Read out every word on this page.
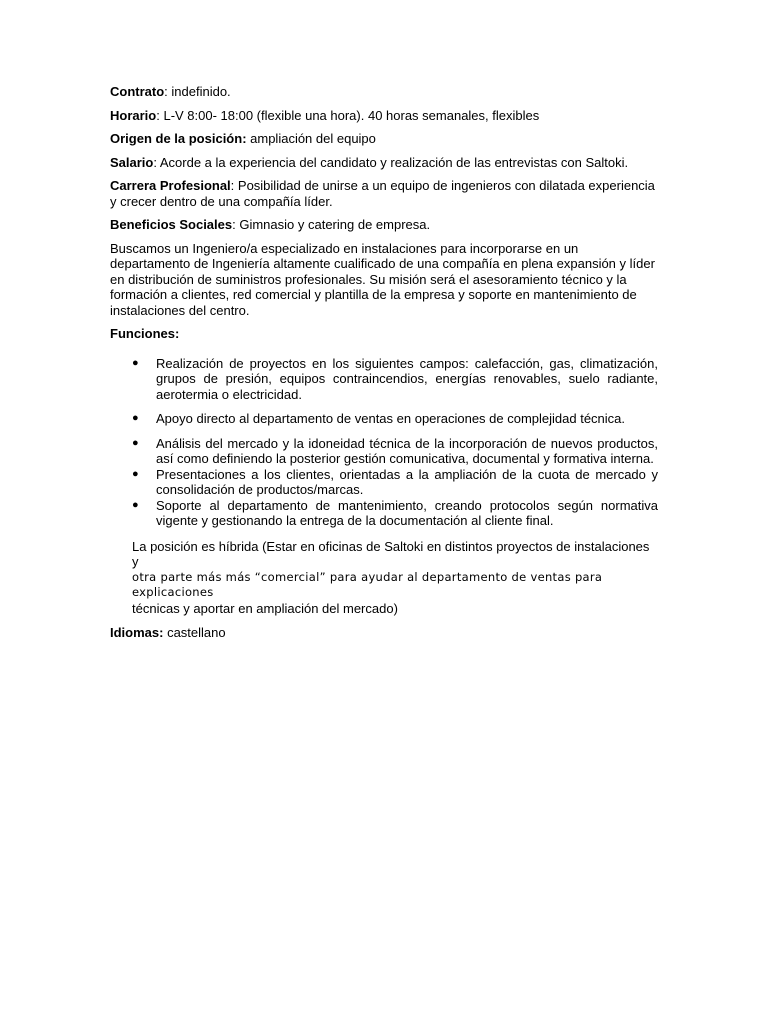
Contrato: indefinido.

Horario: L-V 8:00- 18:00 (flexible una hora). 40 horas semanales, flexibles

Origen de la posición: ampliación del equipo

Salario: Acorde a la experiencia del candidato y realización de las entrevistas con Saltoki.

Carrera Profesional: Posibilidad de unirse a un equipo de ingenieros con dilatada experiencia y crecer dentro de una compañía líder.

Beneficios Sociales: Gimnasio y catering de empresa.

Buscamos un Ingeniero/a especializado en instalaciones para incorporarse en un departamento de Ingeniería altamente cualificado de una compañía en plena expansión y líder en distribución de suministros profesionales. Su misión será el asesoramiento técnico y la formación a clientes, red comercial y plantilla de la empresa y soporte en mantenimiento de instalaciones del centro.

Funciones:

● Realización de proyectos en los siguientes campos: calefacción, gas, climatización, grupos de presión, equipos contraincendios, energías renovables, suelo radiante, aerotermia o electricidad.
● Apoyo directo al departamento de ventas en operaciones de complejidad técnica.
● Análisis del mercado y la idoneidad técnica de la incorporación de nuevos productos, así como definiendo la posterior gestión comunicativa, documental y formativa interna.
● Presentaciones a los clientes, orientadas a la ampliación de la cuota de mercado y consolidación de productos/marcas.
● Soporte al departamento de mantenimiento, creando protocolos según normativa vigente y gestionando la entrega de la documentación al cliente final.
La posición es híbrida (Estar en oficinas de Saltoki en distintos proyectos de instalaciones y
otra parte más más “comercial” para ayudar al departamento de ventas para explicaciones
técnicas y aportar en ampliación del mercado)

Idiomas: castellano
